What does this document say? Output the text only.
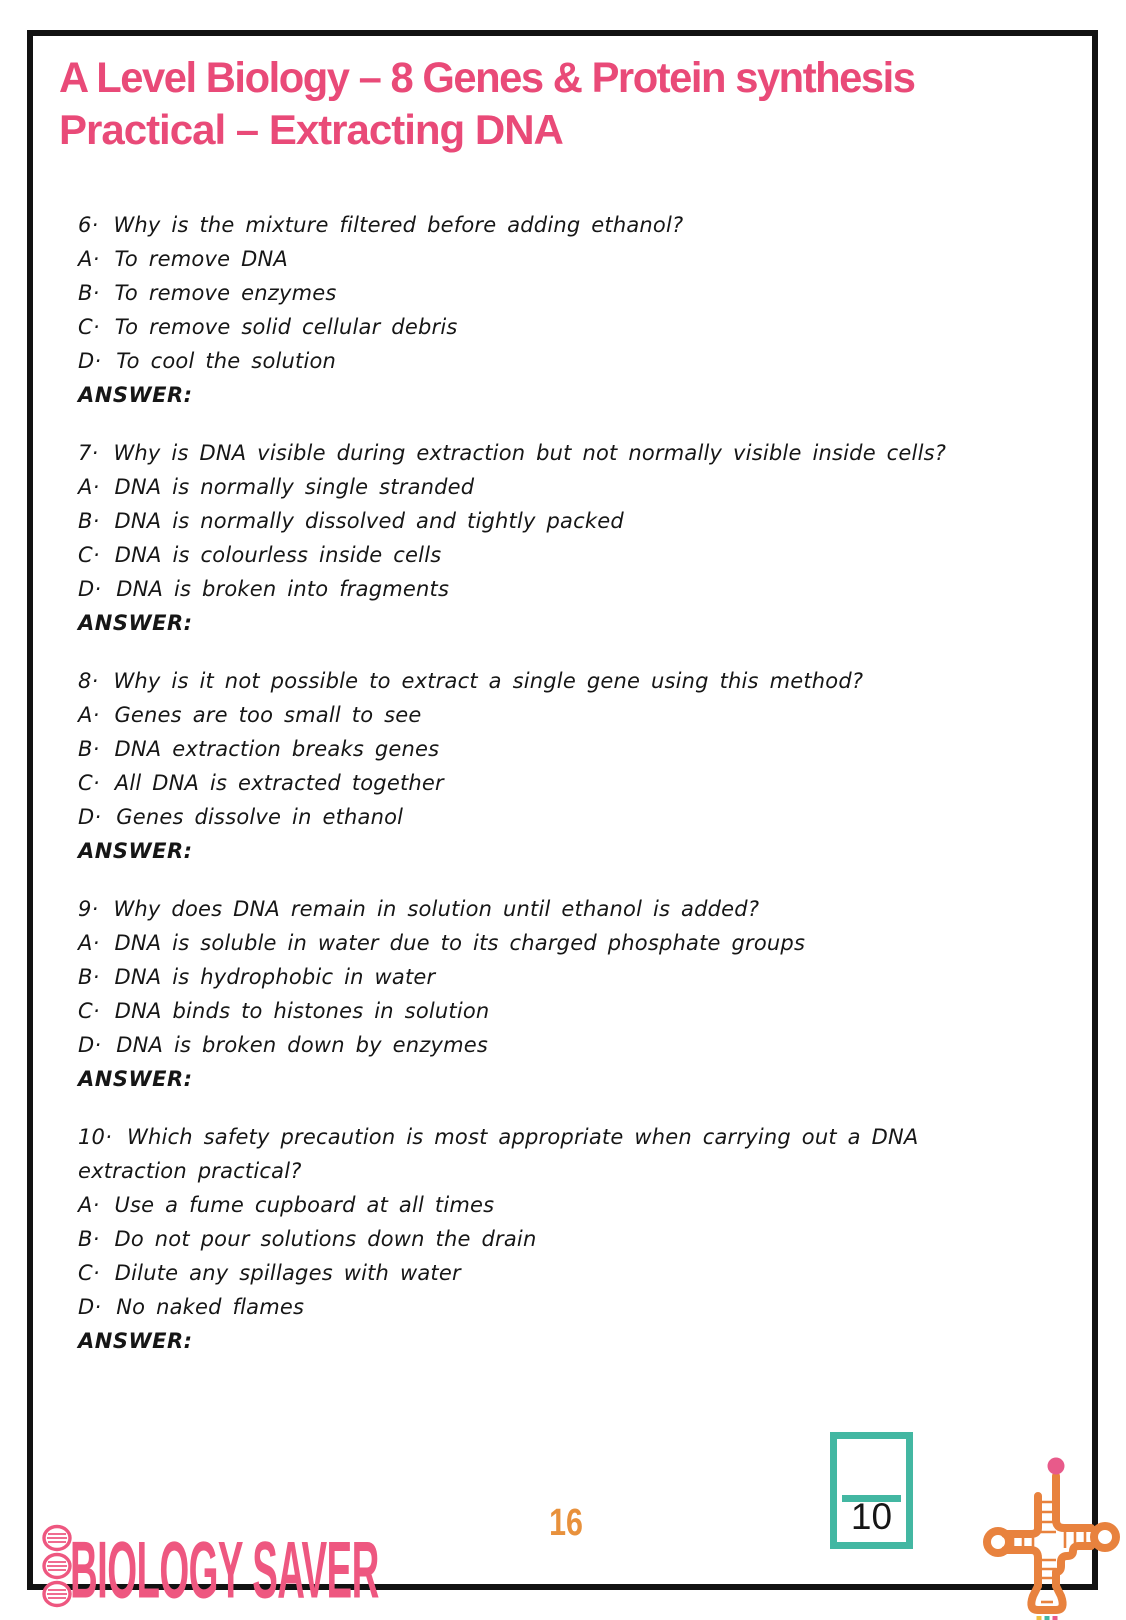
A Level Biology – 8 Genes & Protein synthesis
Practical – Extracting DNA

6· Why is the mixture filtered before adding ethanol?

A· To remove DNA

B· To remove enzymes

C· To remove solid cellular debris

D· To cool the solution

ANSWER:

7· Why is DNA visible during extraction but not normally visible inside cells?

A· DNA is normally single stranded

B· DNA is normally dissolved and tightly packed

C· DNA is colourless inside cells

D· DNA is broken into fragments

ANSWER:

8· Why is it not possible to extract a single gene using this method?

A· Genes are too small to see

B· DNA extraction breaks genes

C· All DNA is extracted together

D· Genes dissolve in ethanol

ANSWER:

9· Why does DNA remain in solution until ethanol is added?

A· DNA is soluble in water due to its charged phosphate groups

B· DNA is hydrophobic in water

C· DNA binds to histones in solution

D· DNA is broken down by enzymes

ANSWER:

10· Which safety precaution is most appropriate when carrying out a DNA extraction practical?

A· Use a fume cupboard at all times

B· Do not pour solutions down the drain

C· Dilute any spillages with water

D· No naked flames

ANSWER:

10
BIOLOGY SAVER
16
